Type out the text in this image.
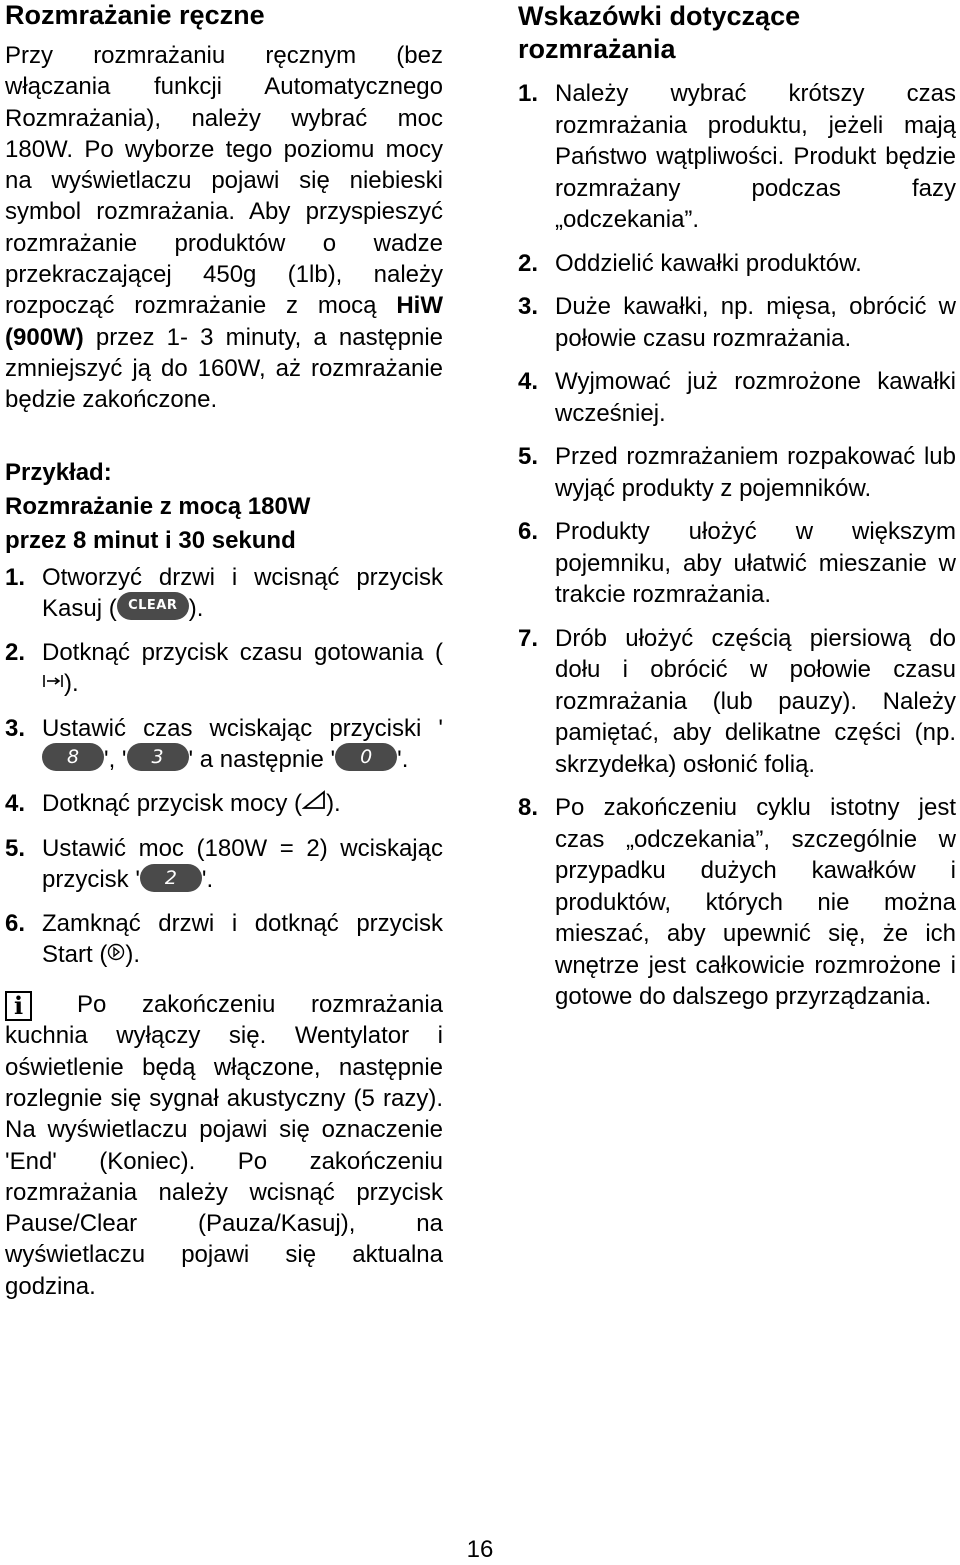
Rozmrażanie ręczne

Przy rozmrażaniu ręcznym (bez włączania funkcji Automatycznego Rozmrażania), należy wybrać moc 180W. Po wyborze tego poziomu mocy na wyświetlaczu pojawi się niebieski symbol rozmrażania. Aby przyspieszyć rozmrażanie produktów o wadze przekraczającej 450g (1lb), należy rozpocząć rozmrażanie z mocą HiW (900W) przez 1- 3 minuty, a następnie zmniejszyć ją do 160W, aż rozmrażanie będzie zakończone.

Przykład:
Rozmrażanie z mocą 180W
przez 8 minut i 30 sekund
1. Otworzyć drzwi i wcisnąć przycisk Kasuj ( CLEAR ).
2. Dotknąć przycisk czasu gotowania ().
3. Ustawić czas wciskając przyciski '8 ', ' 3 ' a następnie ' 0 '.
4. Dotknąć przycisk mocy ( ).
5. Ustawić moc (180W = 2) wciskając przycisk ' 2 '.
6. Zamknąć drzwi i dotknąć przycisk Start ( ).

i Po zakończeniu rozmrażania kuchnia wyłączy się. Wentylator i oświetlenie będą włączone, następnie rozlegnie się sygnał akustyczny (5 razy). Na wyświetlaczu pojawi się oznaczenie 'End' (Koniec). Po zakończeniu rozmrażania należy wcisnąć przycisk Pause/Clear (Pauza/Kasuj), na wyświetlaczu pojawi się aktualna godzina.

Wskazówki dotyczące
rozmrażania
1. Należy wybrać krótszy czas rozmrażania produktu, jeżeli mają Państwo wątpliwości. Produkt będzie rozmrażany podczas fazy „odczekania”.
2. Oddzielić kawałki produktów.
3. Duże kawałki, np. mięsa, obrócić w połowie czasu rozmrażania.
4. Wyjmować już rozmrożone kawałki wcześniej.
5. Przed rozmrażaniem rozpakować lub wyjąć produkty z pojemników.
6. Produkty ułożyć w większym pojemniku, aby ułatwić mieszanie w trakcie rozmrażania.
7. Drób ułożyć częścią piersiową do dołu i obrócić w połowie czasu rozmrażania (lub pauzy). Należy pamiętać, aby delikatne części (np. skrzydełka) osłonić folią.
8. Po zakończeniu cyklu istotny jest czas „odczekania”, szczególnie w przypadku dużych kawałków i produktów, których nie można mieszać, aby upewnić się, że ich wnętrze jest całkowicie rozmrożone i gotowe do dalszego przyrządzania.
16
